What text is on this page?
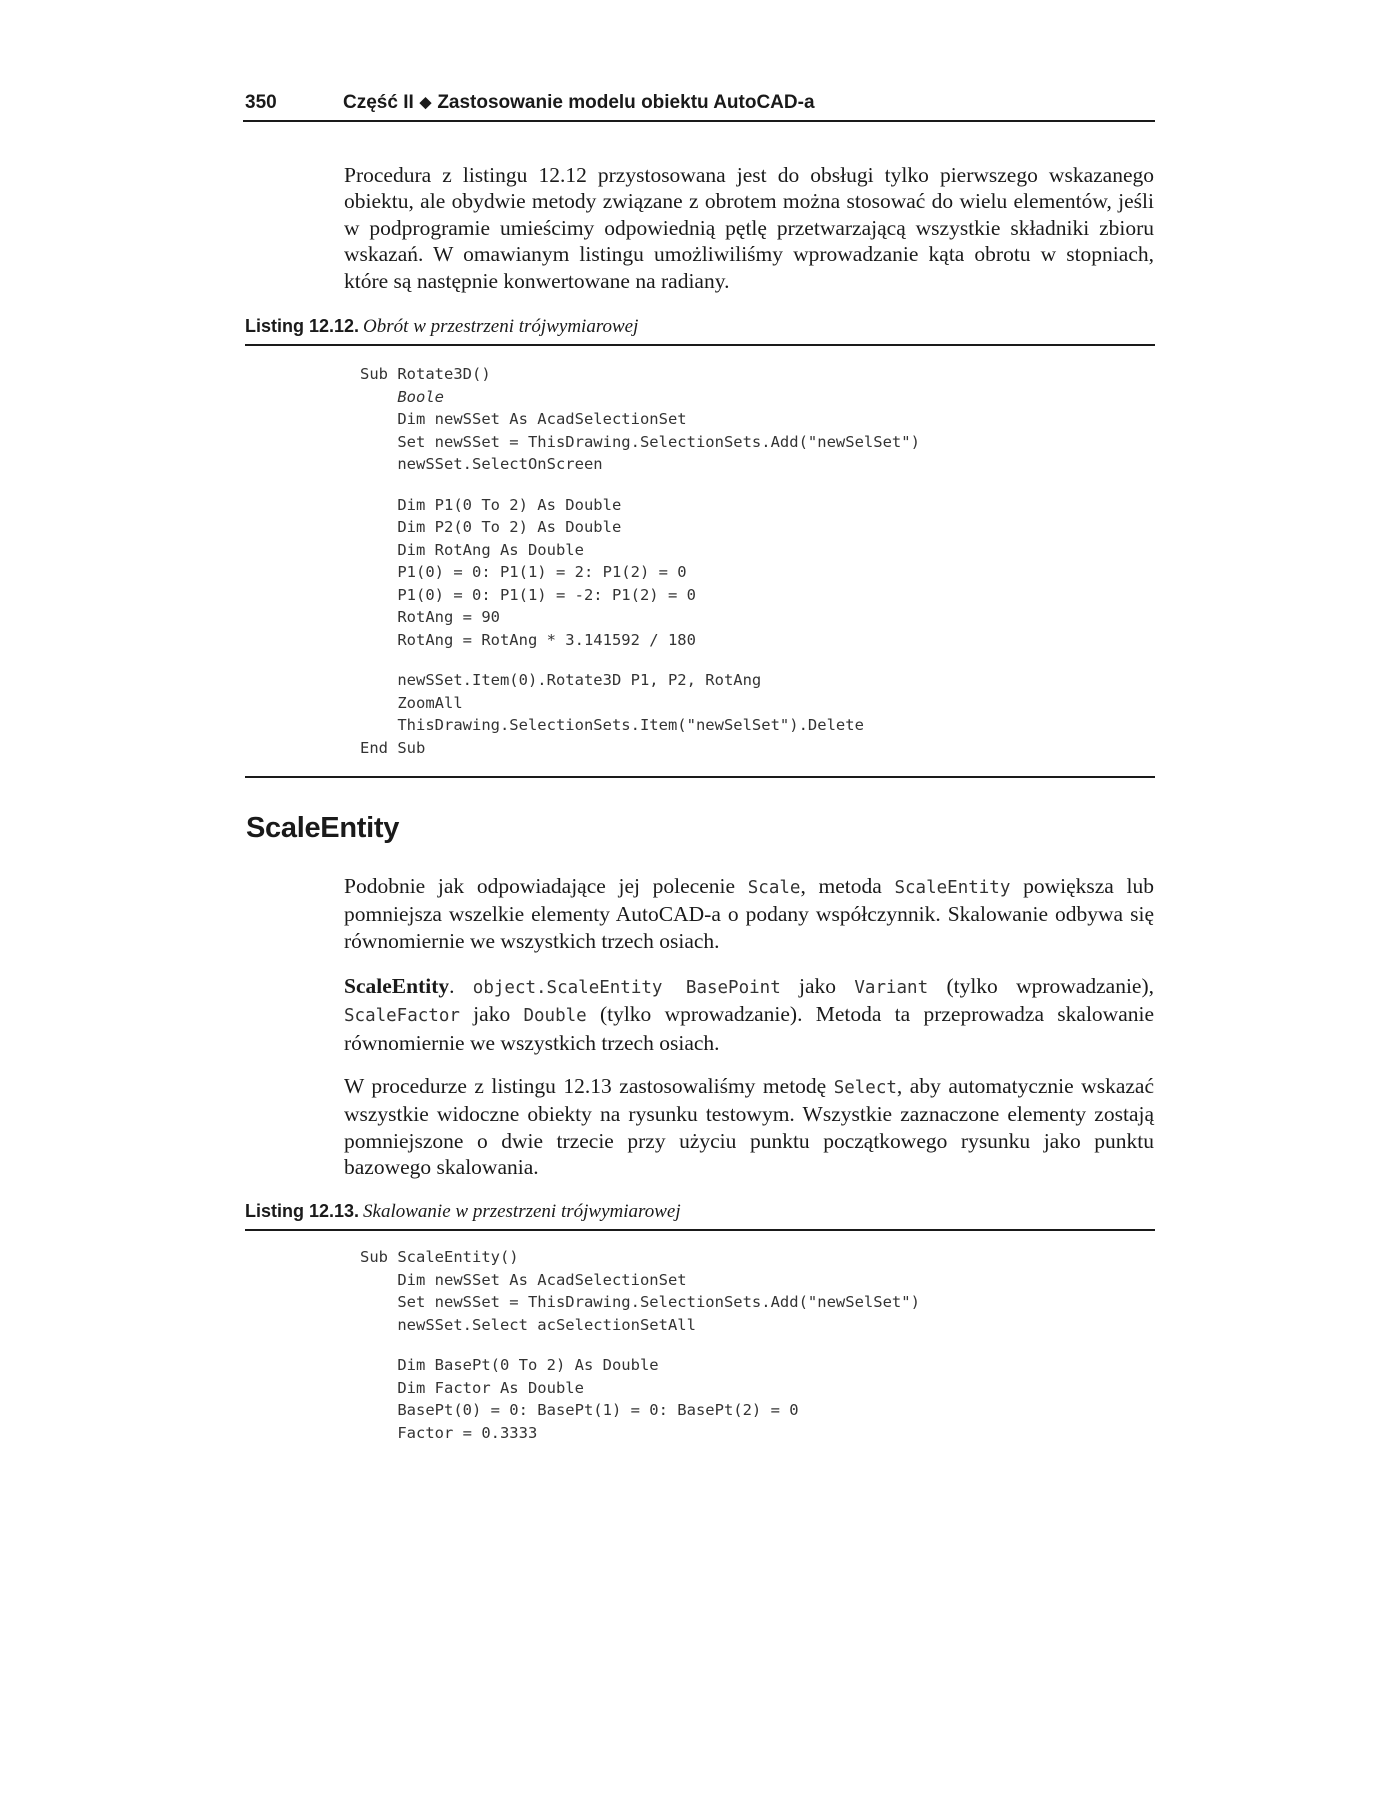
350	Część II ◆ Zastosowanie modelu obiektu AutoCAD-a

Procedura z listingu 12.12 przystosowana jest do obsługi tylko pierwszego wskazanego obiektu, ale obydwie metody związane z obrotem można stosować do wielu elementów, jeśli w podprogramie umieścimy odpowiednią pętlę przetwarzającą wszystkie składniki zbioru wskazań. W omawianym listingu umożliwiliśmy wprowadzanie kąta obrotu w stopniach, które są następnie konwertowane na radiany.

Listing 12.12. Obrót w przestrzeni trójwymiarowej
Sub Rotate3D()
Boole
Dim newSSet As AcadSelectionSet
Set newSSet = ThisDrawing.SelectionSets.Add("newSelSet")
newSSet.SelectOnScreen
Dim P1(0 To 2) As Double
Dim P2(0 To 2) As Double
Dim RotAng As Double
P1(0) = 0: P1(1) = 2: P1(2) = 0
P1(0) = 0: P1(1) = -2: P1(2) = 0
RotAng = 90
RotAng = RotAng * 3.141592 / 180
newSSet.Item(0).Rotate3D P1, P2, RotAng
ZoomAll
ThisDrawing.SelectionSets.Item("newSelSet").Delete
End Sub
ScaleEntity

Podobnie jak odpowiadające jej polecenie Scale, metoda ScaleEntity powiększa lub pomniejsza wszelkie elementy AutoCAD-a o podany współczynnik. Skalowanie odbywa się równomiernie we wszystkich trzech osiach.

ScaleEntity. object.ScaleEntity BasePoint jako Variant (tylko wprowadzanie), ScaleFactor jako Double (tylko wprowadzanie). Metoda ta przeprowadza skalowanie równomiernie we wszystkich trzech osiach.

W procedurze z listingu 12.13 zastosowaliśmy metodę Select, aby automatycznie wskazać wszystkie widoczne obiekty na rysunku testowym. Wszystkie zaznaczone elementy zostają pomniejszone o dwie trzecie przy użyciu punktu początkowego rysunku jako punktu bazowego skalowania.

Listing 12.13. Skalowanie w przestrzeni trójwymiarowej
Sub ScaleEntity()
Dim newSSet As AcadSelectionSet
Set newSSet = ThisDrawing.SelectionSets.Add("newSelSet")
newSSet.Select acSelectionSetAll
Dim BasePt(0 To 2) As Double
Dim Factor As Double
BasePt(0) = 0: BasePt(1) = 0: BasePt(2) = 0
Factor = 0.3333
